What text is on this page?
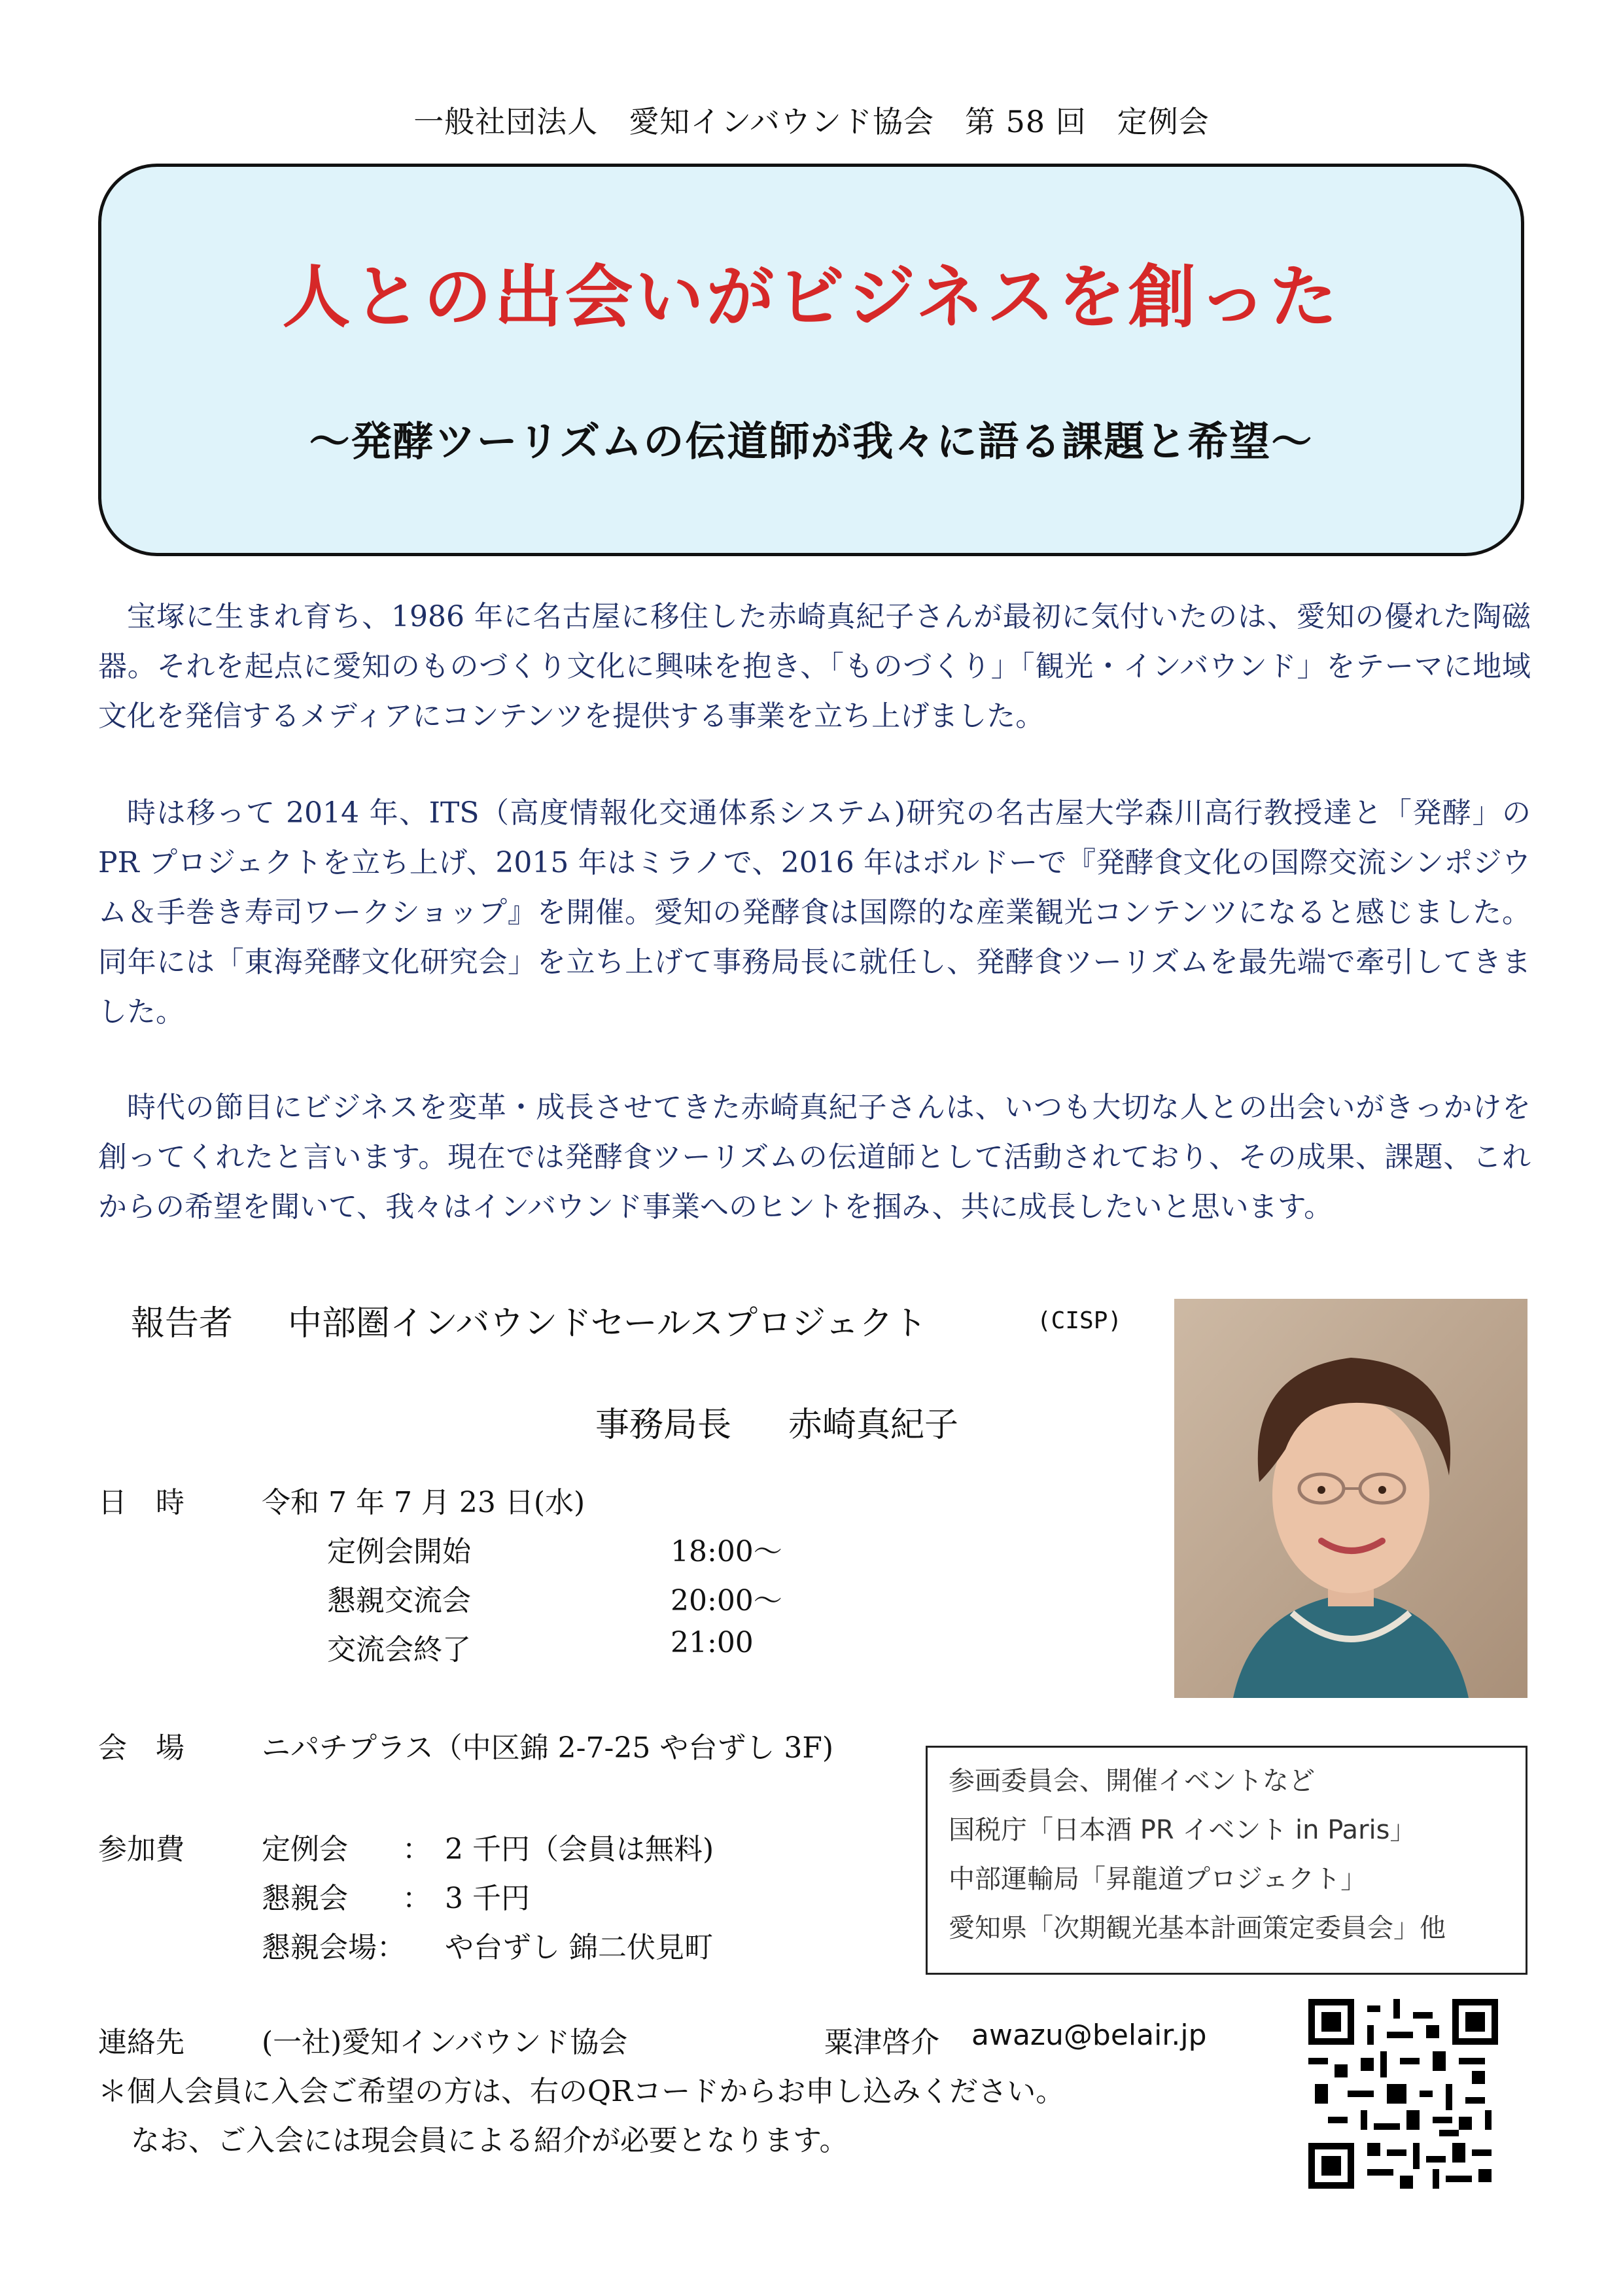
一般社団法人　愛知インバウンド協会　第 58 回　定例会
人との出会いがビジネスを創った
～発酵ツーリズムの伝道師が我々に語る課題と希望～
宝塚に生まれ育ち、1986 年に名古屋に移住した赤崎真紀子さんが最初に気付いたのは、愛知の優れた陶磁器。それを起点に愛知のものづくり文化に興味を抱き、「ものづくり」「観光・インバウンド」をテーマに地域文化を発信するメディアにコンテンツを提供する事業を立ち上げました。
時は移って 2014 年、ITS（高度情報化交通体系システム)研究の名古屋大学森川高行教授達と「発酵」の PR プロジェクトを立ち上げ、2015 年はミラノで、2016 年はボルドーで『発酵食文化の国際交流シンポジウム＆手巻き寿司ワークショップ』を開催。愛知の発酵食は国際的な産業観光コンテンツになると感じました。同年には「東海発酵文化研究会」を立ち上げて事務局長に就任し、発酵食ツーリズムを最先端で牽引してきました。
時代の節目にビジネスを変革・成長させてきた赤崎真紀子さんは、いつも大切な人との出会いがきっかけを創ってくれたと言います。現在では発酵食ツーリズムの伝道師として活動されており、その成果、課題、これからの希望を聞いて、我々はインバウンド事業へのヒントを掴み、共に成長したいと思います。
報告者 中部圏インバウンドセールスプロジェクト	(CISP)
事務局長 赤崎真紀子
日　時	令和 7 年 7 月 23 日(水)
定例会開始	18:00～
懇親交流会	20:00～
交流会終了	21:00
会　場	ニパチプラス（中区錦 2-7-25 や台ずし 3F)
参加費	定例会 ： 2 千円（会員は無料)
懇親会 ： 3 千円
懇親会場： や台ずし 錦二伏見町
参画委員会、開催イベントなど
国税庁「日本酒 PR イベント in Paris」
中部運輸局「昇龍道プロジェクト」
愛知県「次期観光基本計画策定委員会」他
連絡先	(一社)愛知インバウンド協会	粟津啓介 awazu@belair.jp
＊個人会員に入会ご希望の方は、右のQRコードからお申し込みください。
なお、ご入会には現会員による紹介が必要となります。
